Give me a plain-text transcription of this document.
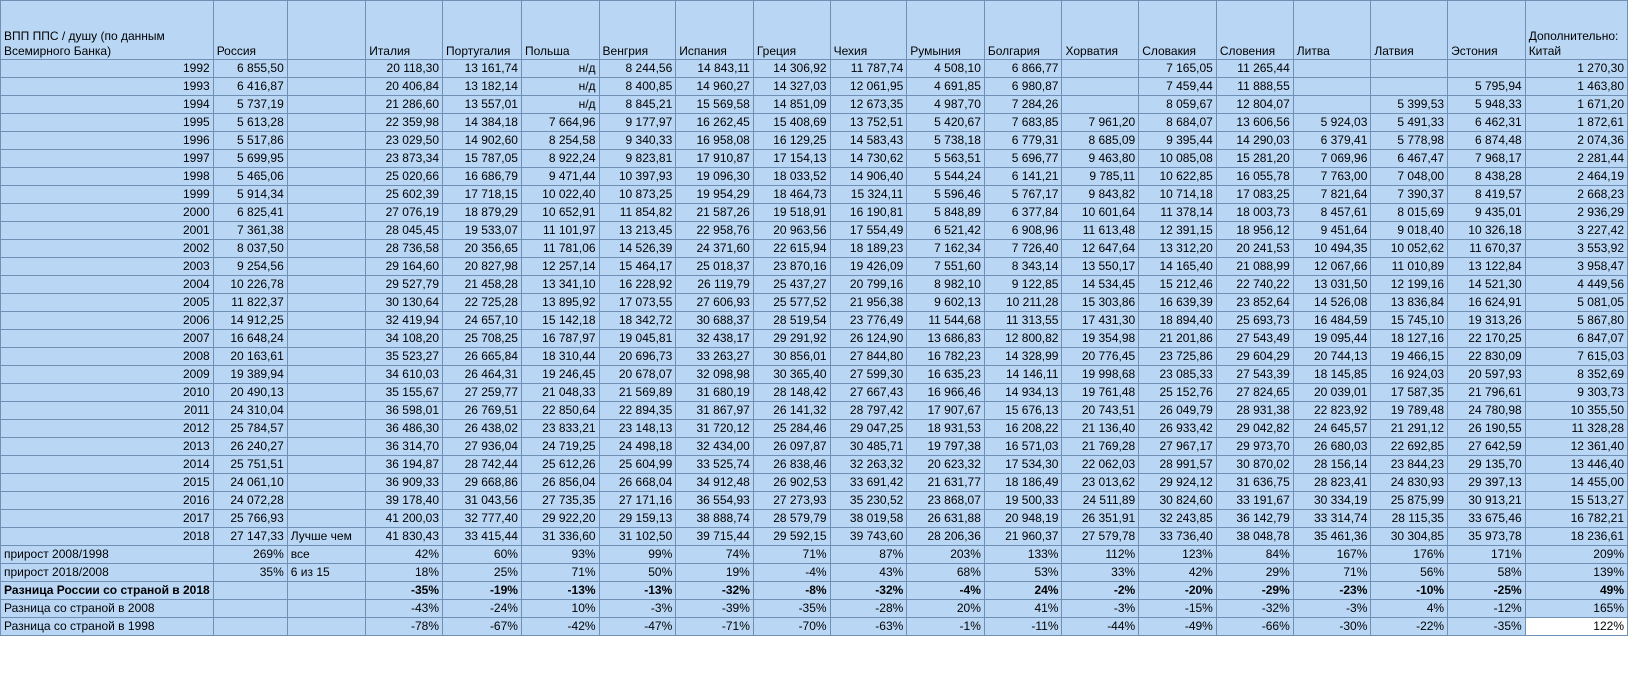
ВПП ППС / душу (по данным Всемирного Банка)	Россия		Италия	Португалия	Польша	Венгрия	Испания	Греция	Чехия	Румыния	Болгария	Хорватия	Словакия	Словения	Литва	Латвия	Эстония	Дополнительно: Китай
1992	6 855,50		20 118,30	13 161,74	н/д	8 244,56	14 843,11	14 306,92	11 787,74	4 508,10	6 866,77		7 165,05	11 265,44				1 270,30
1993	6 416,87		20 406,84	13 182,14	н/д	8 400,85	14 960,27	14 327,03	12 061,95	4 691,85	6 980,87		7 459,44	11 888,55			5 795,94	1 463,80
1994	5 737,19		21 286,60	13 557,01	н/д	8 845,21	15 569,58	14 851,09	12 673,35	4 987,70	7 284,26		8 059,67	12 804,07		5 399,53	5 948,33	1 671,20
1995	5 613,28		22 359,98	14 384,18	7 664,96	9 177,97	16 262,45	15 408,69	13 752,51	5 420,67	7 683,85	7 961,20	8 684,07	13 606,56	5 924,03	5 491,33	6 462,31	1 872,61
1996	5 517,86		23 029,50	14 902,60	8 254,58	9 340,33	16 958,08	16 129,25	14 583,43	5 738,18	6 779,31	8 685,09	9 395,44	14 290,03	6 379,41	5 778,98	6 874,48	2 074,36
1997	5 699,95		23 873,34	15 787,05	8 922,24	9 823,81	17 910,87	17 154,13	14 730,62	5 563,51	5 696,77	9 463,80	10 085,08	15 281,20	7 069,96	6 467,47	7 968,17	2 281,44
1998	5 465,06		25 020,66	16 686,79	9 471,44	10 397,93	19 096,30	18 033,52	14 906,40	5 544,24	6 141,21	9 785,11	10 622,85	16 055,78	7 763,00	7 048,00	8 438,28	2 464,19
1999	5 914,34		25 602,39	17 718,15	10 022,40	10 873,25	19 954,29	18 464,73	15 324,11	5 596,46	5 767,17	9 843,82	10 714,18	17 083,25	7 821,64	7 390,37	8 419,57	2 668,23
2000	6 825,41		27 076,19	18 879,29	10 652,91	11 854,82	21 587,26	19 518,91	16 190,81	5 848,89	6 377,84	10 601,64	11 378,14	18 003,73	8 457,61	8 015,69	9 435,01	2 936,29
2001	7 361,38		28 045,45	19 533,07	11 101,97	13 213,45	22 958,76	20 963,56	17 554,49	6 521,42	6 908,96	11 613,48	12 391,15	18 956,12	9 451,64	9 018,40	10 326,18	3 227,42
2002	8 037,50		28 736,58	20 356,65	11 781,06	14 526,39	24 371,60	22 615,94	18 189,23	7 162,34	7 726,40	12 647,64	13 312,20	20 241,53	10 494,35	10 052,62	11 670,37	3 553,92
2003	9 254,56		29 164,60	20 827,98	12 257,14	15 464,17	25 018,37	23 870,16	19 426,09	7 551,60	8 343,14	13 550,17	14 165,40	21 088,99	12 067,66	11 010,89	13 122,84	3 958,47
2004	10 226,78		29 527,79	21 458,28	13 341,10	16 228,92	26 119,79	25 437,27	20 799,16	8 982,10	9 122,85	14 534,45	15 212,46	22 740,22	13 031,50	12 199,16	14 521,30	4 449,56
2005	11 822,37		30 130,64	22 725,28	13 895,92	17 073,55	27 606,93	25 577,52	21 956,38	9 602,13	10 211,28	15 303,86	16 639,39	23 852,64	14 526,08	13 836,84	16 624,91	5 081,05
2006	14 912,25		32 419,94	24 657,10	15 142,18	18 342,72	30 688,37	28 519,54	23 776,49	11 544,68	11 313,55	17 431,30	18 894,40	25 693,73	16 484,59	15 745,10	19 313,26	5 867,80
2007	16 648,24		34 108,20	25 708,25	16 787,97	19 045,81	32 438,17	29 291,92	26 124,90	13 686,83	12 800,82	19 354,98	21 201,86	27 543,49	19 095,44	18 127,16	22 170,25	6 847,07
2008	20 163,61		35 523,27	26 665,84	18 310,44	20 696,73	33 263,27	30 856,01	27 844,80	16 782,23	14 328,99	20 776,45	23 725,86	29 604,29	20 744,13	19 466,15	22 830,09	7 615,03
2009	19 389,94		34 610,03	26 464,31	19 246,45	20 678,07	32 098,98	30 365,40	27 599,30	16 635,23	14 146,11	19 998,68	23 085,33	27 543,39	18 145,85	16 924,03	20 597,93	8 352,69
2010	20 490,13		35 155,67	27 259,77	21 048,33	21 569,89	31 680,19	28 148,42	27 667,43	16 966,46	14 934,13	19 761,48	25 152,76	27 824,65	20 039,01	17 587,35	21 796,61	9 303,73
2011	24 310,04		36 598,01	26 769,51	22 850,64	22 894,35	31 867,97	26 141,32	28 797,42	17 907,67	15 676,13	20 743,51	26 049,79	28 931,38	22 823,92	19 789,48	24 780,98	10 355,50
2012	25 784,57		36 486,30	26 438,02	23 833,21	23 148,13	31 720,12	25 284,46	29 047,25	18 931,53	16 208,22	21 136,40	26 933,42	29 042,82	24 645,57	21 291,12	26 190,55	11 328,28
2013	26 240,27		36 314,70	27 936,04	24 719,25	24 498,18	32 434,00	26 097,87	30 485,71	19 797,38	16 571,03	21 769,28	27 967,17	29 973,70	26 680,03	22 692,85	27 642,59	12 361,40
2014	25 751,51		36 194,87	28 742,44	25 612,26	25 604,99	33 525,74	26 838,46	32 263,32	20 623,32	17 534,30	22 062,03	28 991,57	30 870,02	28 156,14	23 844,23	29 135,70	13 446,40
2015	24 061,10		36 909,33	29 668,86	26 856,04	26 668,04	34 912,48	26 902,53	33 691,42	21 631,77	18 186,49	23 013,62	29 924,12	31 636,75	28 823,41	24 830,93	29 397,13	14 455,00
2016	24 072,28		39 178,40	31 043,56	27 735,35	27 171,16	36 554,93	27 273,93	35 230,52	23 868,07	19 500,33	24 511,89	30 824,60	33 191,67	30 334,19	25 875,99	30 913,21	15 513,27
2017	25 766,93		41 200,03	32 777,40	29 922,20	29 159,13	38 888,74	28 579,79	38 019,58	26 631,88	20 948,19	26 351,91	32 243,85	36 142,79	33 314,74	28 115,35	33 675,46	16 782,21
2018	27 147,33	Лучше чем	41 830,43	33 415,44	31 336,60	31 102,50	39 715,44	29 592,15	39 743,60	28 206,36	21 960,37	27 579,78	33 736,40	38 048,78	35 461,36	30 304,85	35 973,78	18 236,61
прирост 2008/1998	269%	все	42%	60%	93%	99%	74%	71%	87%	203%	133%	112%	123%	84%	167%	176%	171%	209%
прирост 2018/2008	35%	6 из 15	18%	25%	71%	50%	19%	-4%	43%	68%	53%	33%	42%	29%	71%	56%	58%	139%
Разница России со страной в 2018			-35%	-19%	-13%	-13%	-32%	-8%	-32%	-4%	24%	-2%	-20%	-29%	-23%	-10%	-25%	49%
Разница со страной в 2008			-43%	-24%	10%	-3%	-39%	-35%	-28%	20%	41%	-3%	-15%	-32%	-3%	4%	-12%	165%
Разница со страной в 1998			-78%	-67%	-42%	-47%	-71%	-70%	-63%	-1%	-11%	-44%	-49%	-66%	-30%	-22%	-35%	122%
